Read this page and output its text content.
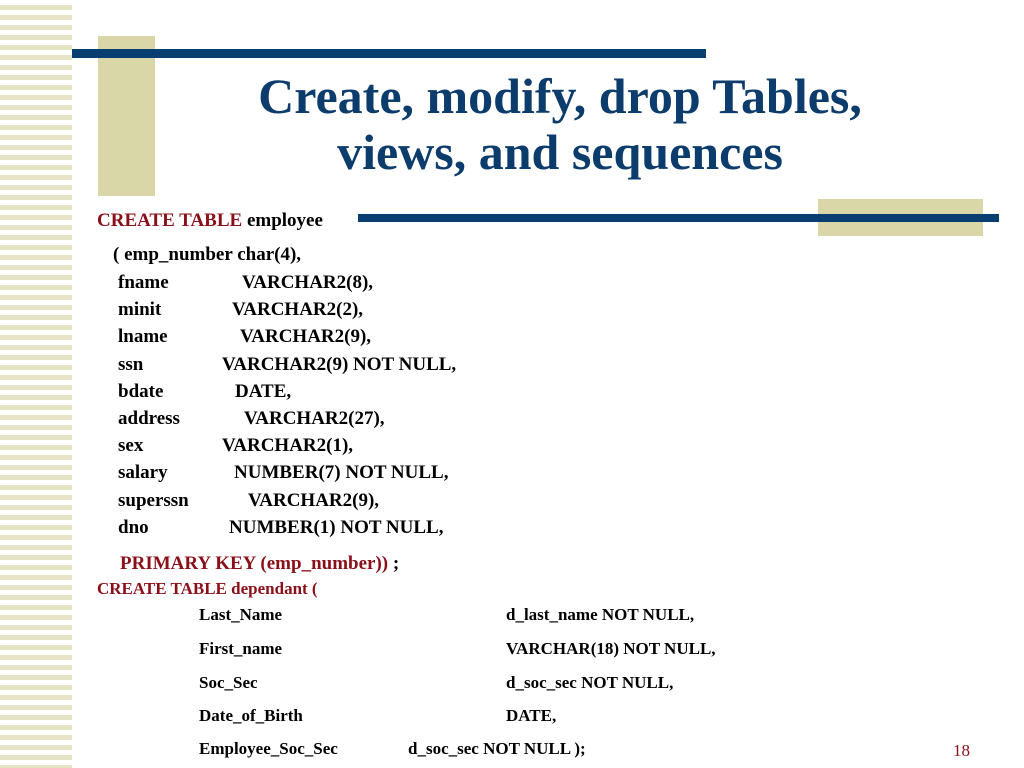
Create, modify, drop Tables,
views, and sequences
CREATE TABLE employee
( emp_number char(4),
fname	VARCHAR2(8),
minit	VARCHAR2(2),
lname	VARCHAR2(9),
ssn	VARCHAR2(9) NOT NULL,
bdate	DATE,
address	VARCHAR2(27),
sex	VARCHAR2(1),
salary	NUMBER(7) NOT NULL,
superssn	VARCHAR2(9),
dno	NUMBER(1) NOT NULL,
PRIMARY KEY (emp_number)) ;
CREATE TABLE dependant (
Last_Name	d_last_name NOT NULL,
First_name	VARCHAR(18) NOT NULL,
Soc_Sec	d_soc_sec NOT NULL,
Date_of_Birth	DATE,
Employee_Soc_Sec	d_soc_sec NOT NULL );	18
